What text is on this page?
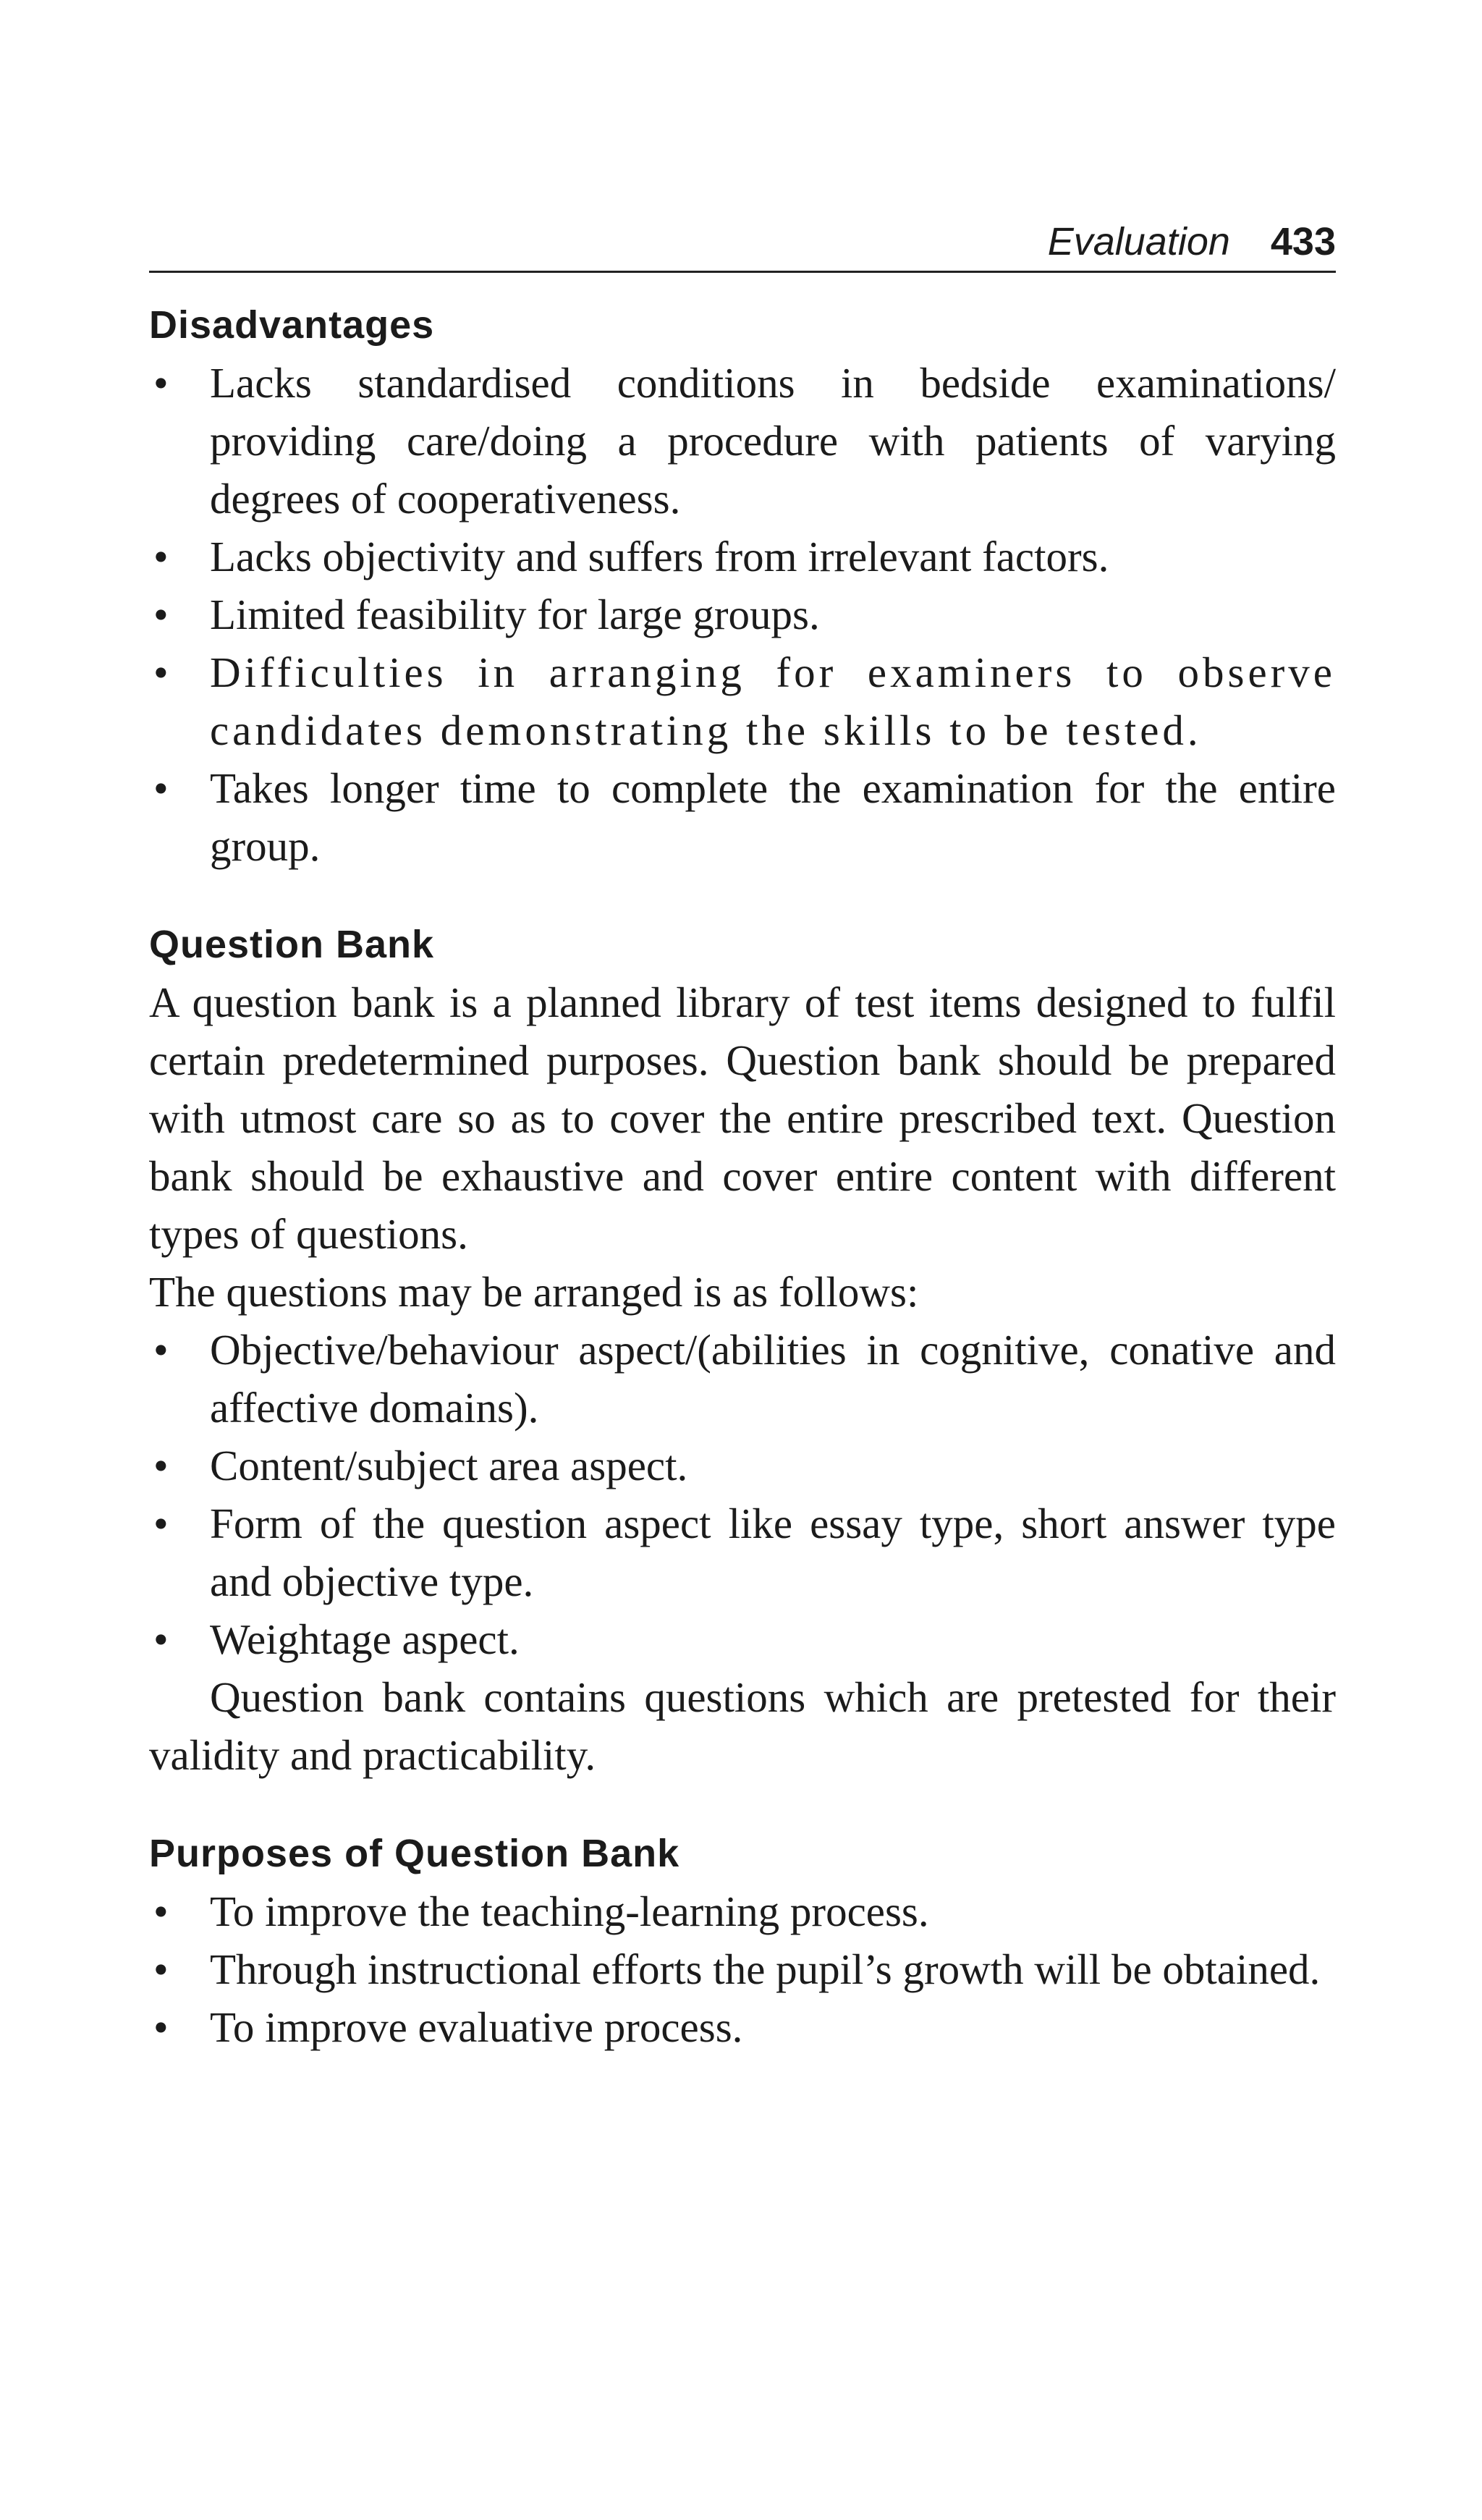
Evaluation 433
Disadvantages
• Lacks standardised conditions in bedside examinations/ providing care/doing a procedure with patients of varying degrees of cooperativeness.
• Lacks objectivity and suffers from irrelevant factors.
• Limited feasibility for large groups.
• Difficulties in arranging for examiners to observe candidates demonstrating the skills to be tested.
• Takes longer time to complete the examination for the entire group.
Question Bank

A question bank is a planned library of test items designed to fulfil certain predetermined purposes. Question bank should be prepared with utmost care so as to cover the entire prescribed text. Question bank should be exhaustive and cover entire content with different types of questions.

The questions may be arranged is as follows:

• Objective/behaviour aspect/(abilities in cognitive, conative and affective domains).
• Content/subject area aspect.
• Form of the question aspect like essay type, short answer type and objective type.
• Weightage aspect.

Question bank contains questions which are pretested for their validity and practicability.

Purposes of Question Bank
• To improve the teaching-learning process.
• Through instructional efforts the pupil’s growth will be obtained.
• To improve evaluative process.
